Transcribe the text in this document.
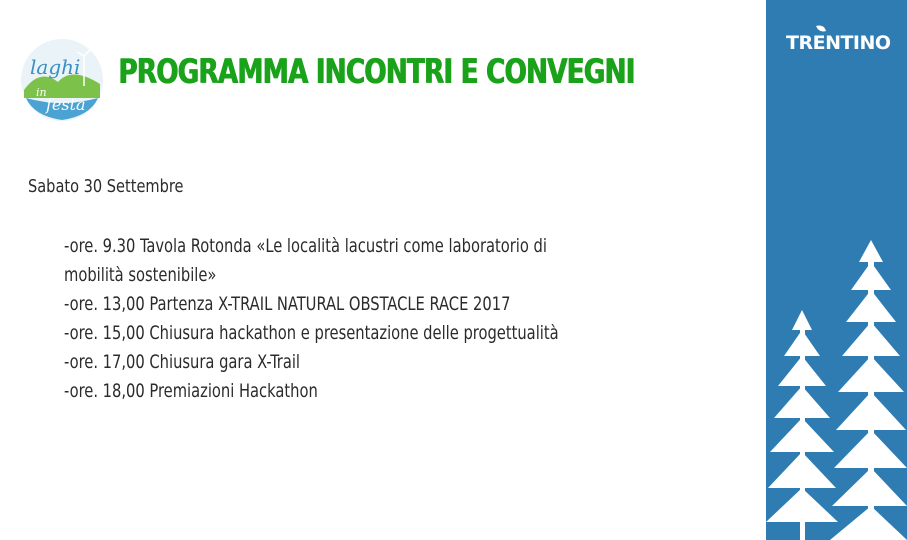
laghi
in
festa
PROGRAMMA INCONTRI E CONVEGNI

Sabato 30 Settembre

-ore. 9.30 Tavola Rotonda «Le località lacustri come laboratorio di
mobilità sostenibile»
-ore. 13,00 Partenza X-TRAIL NATURAL OBSTACLE RACE 2017
-ore. 15,00 Chiusura hackathon e presentazione delle progettualità
-ore. 17,00 Chiusura gara X-Trail
-ore. 18,00 Premiazioni Hackathon
TRENTINO
